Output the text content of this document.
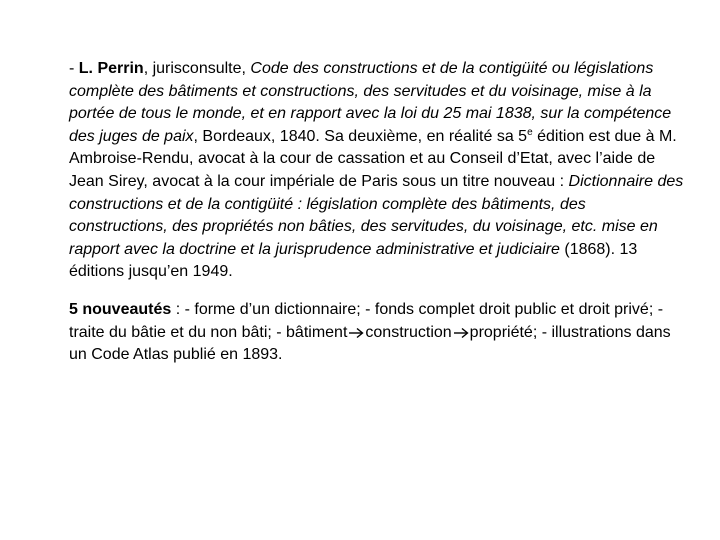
- L. Perrin, jurisconsulte, Code des constructions et de la contigüité ou législations complète des bâtiments et constructions, des servitudes et du voisinage, mise à la portée de tous le monde, et en rapport avec la loi du 25 mai 1838, sur la compétence des juges de paix, Bordeaux, 1840. Sa deuxième, en réalité sa 5e édition est due à M. Ambroise-Rendu, avocat à la cour de cassation et au Conseil d’Etat, avec l’aide de Jean Sirey, avocat à la cour impériale de Paris sous un titre nouveau : Dictionnaire des constructions et de la contigüité : législation complète des bâtiments, des constructions, des propriétés non bâties, des servitudes, du voisinage, etc. mise en rapport avec la doctrine et la jurisprudence administrative et judiciaire (1868). 13 éditions jusqu’en 1949.

5 nouveautés : - forme d’un dictionnaire; - fonds complet droit public et droit privé; - traite du bâtie et du non bâti; - bâtiment construction propriété; - illustrations dans un Code Atlas publié en 1893.
